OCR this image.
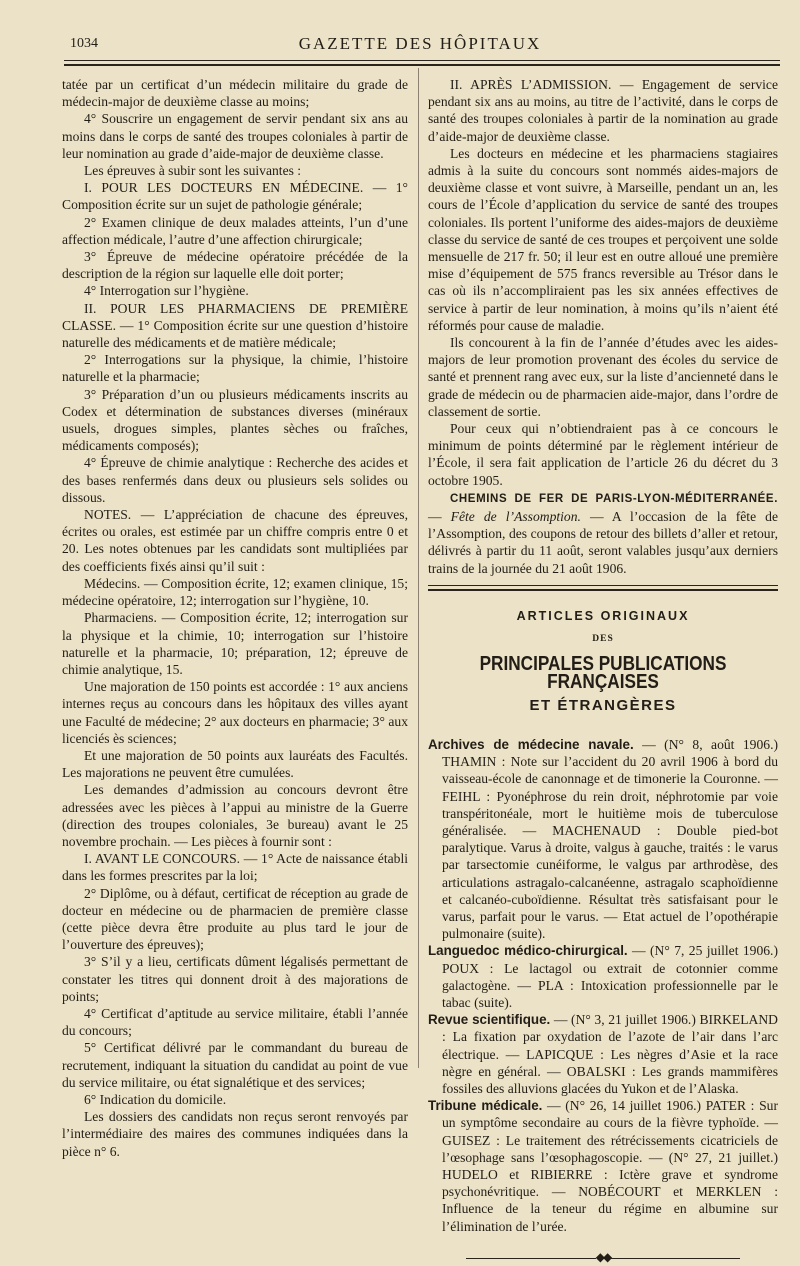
1034	GAZETTE DES HÔPITAUX

tatée par un certificat d’un médecin militaire du grade de médecin-major de deuxième classe au moins;

4° Souscrire un engagement de servir pendant six ans au moins dans le corps de santé des troupes coloniales à partir de leur nomination au grade d’aide-major de deuxième classe.

Les épreuves à subir sont les suivantes :

I. POUR LES DOCTEURS EN MÉDECINE. — 1° Composition écrite sur un sujet de pathologie générale;

2° Examen clinique de deux malades atteints, l’un d’une affection médicale, l’autre d’une affection chirurgicale;

3° Épreuve de médecine opératoire précédée de la description de la région sur laquelle elle doit porter;

4° Interrogation sur l’hygiène.

II. POUR LES PHARMACIENS DE PREMIÈRE CLASSE. — 1° Composition écrite sur une question d’histoire naturelle des médicaments et de matière médicale;

2° Interrogations sur la physique, la chimie, l’histoire naturelle et la pharmacie;

3° Préparation d’un ou plusieurs médicaments inscrits au Codex et détermination de substances diverses (minéraux usuels, drogues simples, plantes sèches ou fraîches, médicaments composés);

4° Épreuve de chimie analytique : Recherche des acides et des bases renfermés dans deux ou plusieurs sels solides ou dissous.

NOTES. — L’appréciation de chacune des épreuves, écrites ou orales, est estimée par un chiffre compris entre 0 et 20. Les notes obtenues par les candidats sont multipliées par des coefficients fixés ainsi qu’il suit :

Médecins. — Composition écrite, 12; examen clinique, 15; médecine opératoire, 12; interrogation sur l’hygiène, 10.

Pharmaciens. — Composition écrite, 12; interrogation sur la physique et la chimie, 10; interrogation sur l’histoire naturelle et la pharmacie, 10; préparation, 12; épreuve de chimie analytique, 15.

Une majoration de 150 points est accordée : 1° aux anciens internes reçus au concours dans les hôpitaux des villes ayant une Faculté de médecine; 2° aux docteurs en pharmacie; 3° aux licenciés ès sciences;

Et une majoration de 50 points aux lauréats des Facultés. Les majorations ne peuvent être cumulées.

Les demandes d’admission au concours devront être adressées avec les pièces à l’appui au ministre de la Guerre (direction des troupes coloniales, 3e bureau) avant le 25 novembre prochain. — Les pièces à fournir sont :

I. AVANT LE CONCOURS. — 1° Acte de naissance établi dans les formes prescrites par la loi;

2° Diplôme, ou à défaut, certificat de réception au grade de docteur en médecine ou de pharmacien de première classe (cette pièce devra être produite au plus tard le jour de l’ouverture des épreuves);

3° S’il y a lieu, certificats dûment légalisés permettant de constater les titres qui donnent droit à des majorations de points;

4° Certificat d’aptitude au service militaire, établi l’année du concours;

5° Certificat délivré par le commandant du bureau de recrutement, indiquant la situation du candidat au point de vue du service militaire, ou état signalétique et des services;

6° Indication du domicile.

Les dossiers des candidats non reçus seront renvoyés par l’intermédiaire des maires des communes indiquées dans la pièce n° 6.

II. APRÈS L’ADMISSION. — Engagement de service pendant six ans au moins, au titre de l’activité, dans le corps de santé des troupes coloniales à partir de la nomination au grade d’aide-major de deuxième classe.

Les docteurs en médecine et les pharmaciens stagiaires admis à la suite du concours sont nommés aides-majors de deuxième classe et vont suivre, à Marseille, pendant un an, les cours de l’École d’application du service de santé des troupes coloniales. Ils portent l’uniforme des aides-majors de deuxième classe du service de santé de ces troupes et perçoivent une solde mensuelle de 217 fr. 50; il leur est en outre alloué une première mise d’équipement de 575 francs reversible au Trésor dans le cas où ils n’accompliraient pas les six années effectives de service à partir de leur nomination, à moins qu’ils n’aient été réformés pour cause de maladie.

Ils concourent à la fin de l’année d’études avec les aides-majors de leur promotion provenant des écoles du service de santé et prennent rang avec eux, sur la liste d’ancienneté dans le grade de médecin ou de pharmacien aide-major, dans l’ordre de classement de sortie.

Pour ceux qui n’obtiendraient pas à ce concours le minimum de points déterminé par le règlement intérieur de l’École, il sera fait application de l’article 26 du décret du 3 octobre 1905.

CHEMINS DE FER DE PARIS-LYON-MÉDITERRANÉE. — Fête de l’Assomption. — A l’occasion de la fête de l’Assomption, des coupons de retour des billets d’aller et retour, délivrés à partir du 11 août, seront valables jusqu’aux derniers trains de la journée du 21 août 1906.

ARTICLES ORIGINAUX
DES
PRINCIPALES PUBLICATIONS FRANÇAISES
ET ÉTRANGÈRES

Archives de médecine navale. — (N° 8, août 1906.) THAMIN : Note sur l’accident du 20 avril 1906 à bord du vaisseau-école de canonnage et de timonerie la Couronne. — FEIHL : Pyonéphrose du rein droit, néphrotomie par voie transpéritonéale, mort le huitième mois de tuberculose généralisée. — MACHENAUD : Double pied-bot paralytique. Varus à droite, valgus à gauche, traités : le varus par tarsectomie cunéiforme, le valgus par arthrodèse, des articulations astragalo-calcanéenne, astragalo scaphoïdienne et calcanéo-cuboïdienne. Résultat très satisfaisant pour le varus, parfait pour le varus. — Etat actuel de l’opothérapie pulmonaire (suite).

Languedoc médico-chirurgical. — (N° 7, 25 juillet 1906.) POUX : Le lactagol ou extrait de cotonnier comme galactogène. — PLA : Intoxication professionnelle par le tabac (suite).

Revue scientifique. — (N° 3, 21 juillet 1906.) BIRKELAND : La fixation par oxydation de l’azote de l’air dans l’arc électrique. — LAPICQUE : Les nègres d’Asie et la race nègre en général. — OBALSKI : Les grands mammifères fossiles des alluvions glacées du Yukon et de l’Alaska.

Tribune médicale. — (N° 26, 14 juillet 1906.) PATER : Sur un symptôme secondaire au cours de la fièvre typhoïde. — GUISEZ : Le traitement des rétrécissements cicatriciels de l’œsophage sans l’œsophagoscopie. — (N° 27, 21 juillet.) HUDELO et RIBIERRE : Ictère grave et syndrome psychonévritique. — NOBÉCOURT et MERKLEN : Influence de la teneur du régime en albumine sur l’élimination de l’urée.

◆◆
